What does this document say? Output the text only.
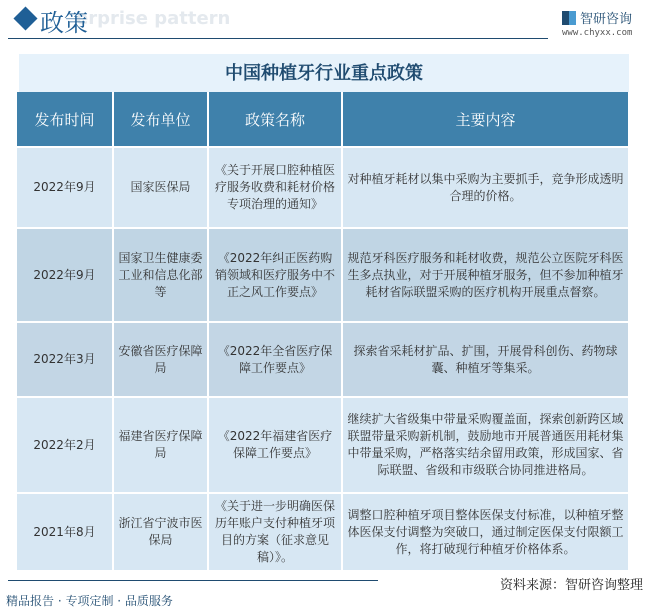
erprise pattern
政策	智研咨询
www.chyxx.com
中国种植牙行业重点政策
发布时间	发布单位	政策名称	主要内容
2022年9月	国家医保局	《关于开展口腔种植医疗服务收费和耗材价格专项治理的通知》	对种植牙耗材以集中采购为主要抓手，竞争形成透明合理的价格。
2022年9月	国家卫生健康委 工业和信息化部等	《2022年纠正医药购销领域和医疗服务中不正之风工作要点》	规范牙科医疗服务和耗材收费，规范公立医院牙科医生多点执业，对于开展种植牙服务，但不参加种植牙耗材省际联盟采购的医疗机构开展重点督察。
2022年3月	安徽省医疗保障局	《2022年全省医疗保障工作要点》	探索省采耗材扩品、扩围，开展骨科创伤、药物球囊、种植牙等集采。
2022年2月	福建省医疗保障局	《2022年福建省医疗保障工作要点》	继续扩大省级集中带量采购覆盖面，探索创新跨区域联盟带量采购新机制，鼓励地市开展普通医用耗材集中带量采购，严格落实结余留用政策，形成国家、省际联盟、省级和市级联合协同推进格局。
2021年8月	浙江省宁波市医保局	《关于进一步明确医保历年账户支付种植牙项目的方案（征求意见稿）》。	调整口腔种植牙项目整体医保支付标准，以种植牙整体医保支付调整为突破口，通过制定医保支付限额工作，将打破现行种植牙价格体系。
资料来源：智研咨询整理
精品报告 · 专项定制 · 品质服务
